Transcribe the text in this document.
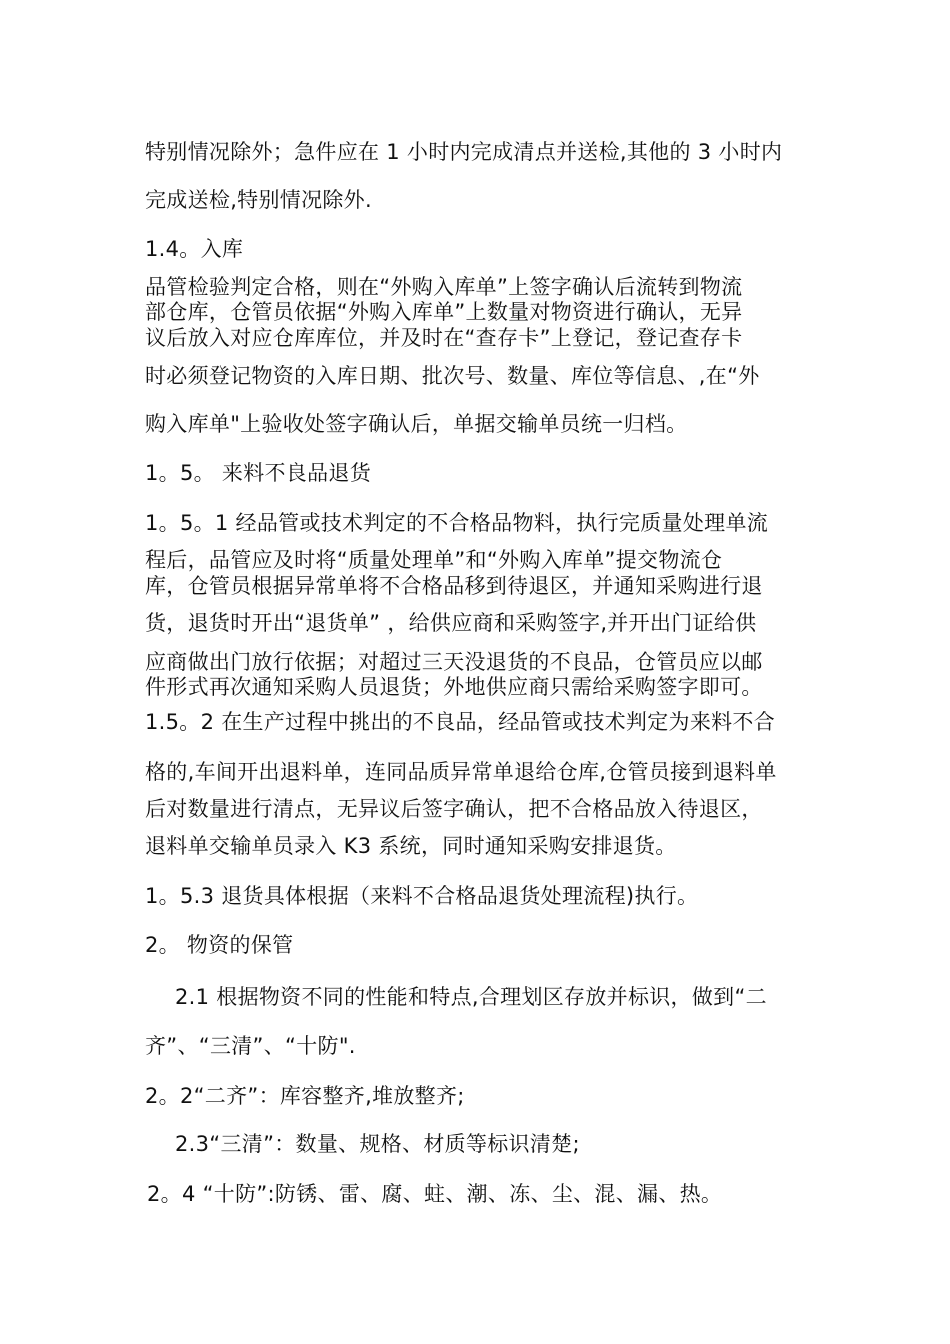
特别情况除外；急件应在 1 小时内完成清点并送检,其他的 3 小时内
完成送检,特别情况除外.
1.4。入库
品管检验判定合格，则在“外购入库单”上签字确认后流转到物流
部仓库，仓管员依据“外购入库单”上数量对物资进行确认，无异
议后放入对应仓库库位，并及时在“查存卡”上登记，登记查存卡
时必须登记物资的入库日期、批次号、数量、库位等信息、,在“外
购入库单"上验收处签字确认后，单据交输单员统一归档。
1。5。 来料不良品退货
1。5。1 经品管或技术判定的不合格品物料，执行完质量处理单流
程后，品管应及时将“质量处理单”和“外购入库单”提交物流仓
库，仓管员根据异常单将不合格品移到待退区，并通知采购进行退
货，退货时开出“退货单” ，给供应商和采购签字,并开出门证给供
应商做出门放行依据；对超过三天没退货的不良品，仓管员应以邮
件形式再次通知采购人员退货；外地供应商只需给采购签字即可。
1.5。2 在生产过程中挑出的不良品，经品管或技术判定为来料不合
格的,车间开出退料单，连同品质异常单退给仓库,仓管员接到退料单
后对数量进行清点，无异议后签字确认，把不合格品放入待退区，
退料单交输单员录入 K3 系统，同时通知采购安排退货。
1。5.3 退货具体根据（来料不合格品退货处理流程)执行。
2。 物资的保管
2.1 根据物资不同的性能和特点,合理划区存放并标识，做到“二
齐”、“三清”、“十防".
2。2“二齐”：库容整齐,堆放整齐;
2.3“三清”：数量、规格、材质等标识清楚;
2。4 “十防”:防锈、雷、腐、蛀、潮、冻、尘、混、漏、热。
